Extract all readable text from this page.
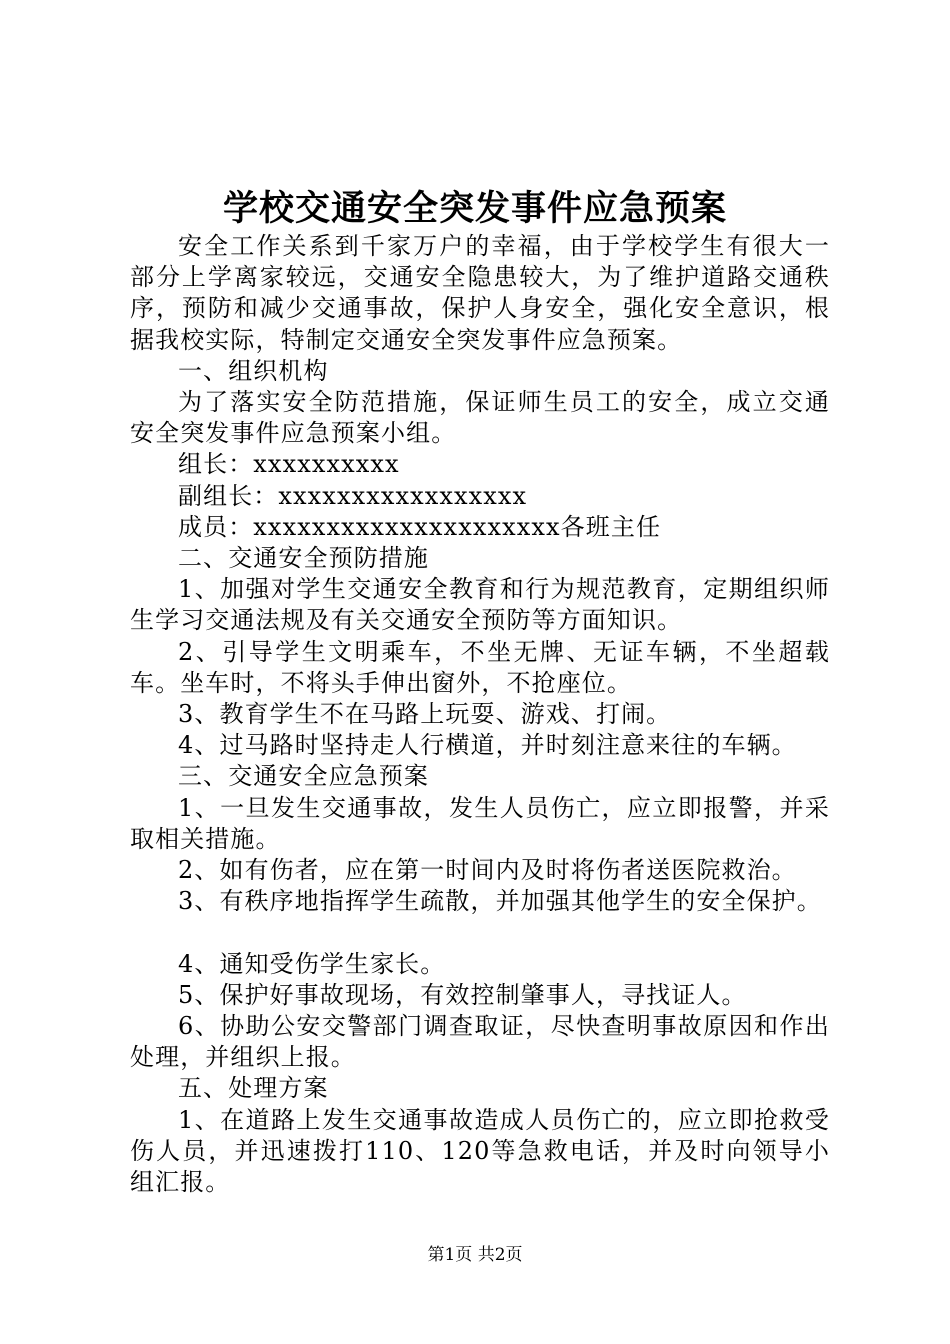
学校交通安全突发事件应急预案

安全工作关系到千家万户的幸福，由于学校学生有很大一部分上学离家较远，交通安全隐患较大，为了维护道路交通秩序，预防和减少交通事故，保护人身安全，强化安全意识，根据我校实际，特制定交通安全突发事件应急预案。

一、组织机构

为了落实安全防范措施，保证师生员工的安全，成立交通安全突发事件应急预案小组。

组长：xxxxxxxxxx

副组长：xxxxxxxxxxxxxxxxx

成员：xxxxxxxxxxxxxxxxxxxxx各班主任

二、交通安全预防措施

1、加强对学生交通安全教育和行为规范教育，定期组织师生学习交通法规及有关交通安全预防等方面知识。

2、引导学生文明乘车，不坐无牌、无证车辆，不坐超载车。坐车时，不将头手伸出窗外，不抢座位。

3、教育学生不在马路上玩耍、游戏、打闹。

4、过马路时坚持走人行横道，并时刻注意来往的车辆。

三、交通安全应急预案

1、一旦发生交通事故，发生人员伤亡，应立即报警，并采取相关措施。

2、如有伤者，应在第一时间内及时将伤者送医院救治。

3、有秩序地指挥学生疏散，并加强其他学生的安全保护。

4、通知受伤学生家长。

5、保护好事故现场，有效控制肇事人，寻找证人。

6、协助公安交警部门调查取证，尽快查明事故原因和作出处理，并组织上报。

五、处理方案

1、在道路上发生交通事故造成人员伤亡的，应立即抢救受伤人员，并迅速拨打110、120等急救电话，并及时向领导小组汇报。

第1页 共2页
